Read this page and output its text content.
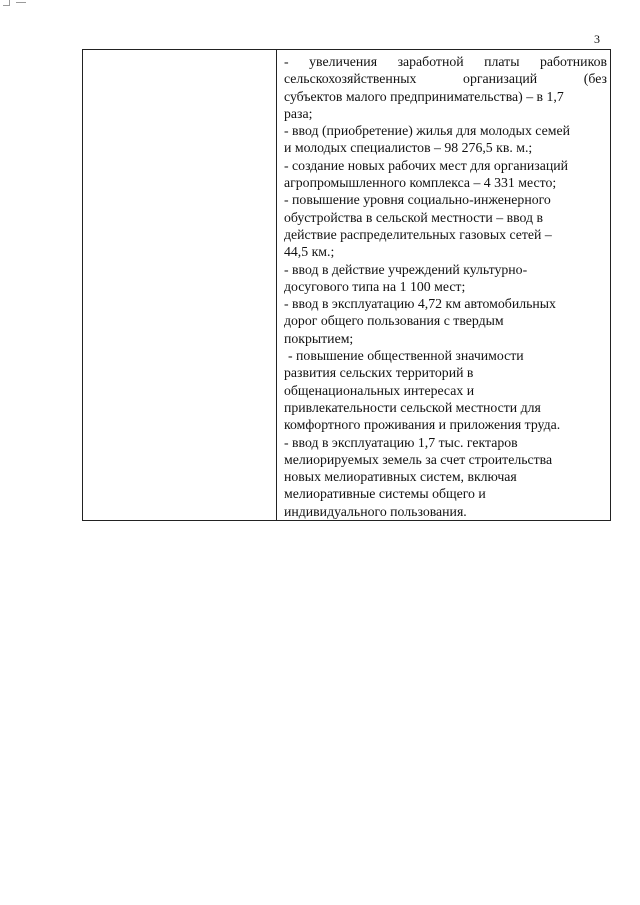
3

- увеличения заработной платы работников
сельскохозяйственных	организаций	(без
субъектов малого предпринимательства) – в 1,7
раза;

- ввод (приобретение) жилья для молодых семей
и молодых специалистов – 98 276,5 кв. м.;

- создание новых рабочих мест для организаций
агропромышленного комплекса – 4 331 место;

- повышение уровня социально-инженерного
обустройства в сельской местности – ввод в
действие распределительных газовых сетей –
44,5 км.;

- ввод в действие учреждений культурно-
досугового типа на 1 100 мест;

- ввод в эксплуатацию 4,72 км автомобильных
дорог общего пользования с твердым
покрытием;

- повышение общественной значимости
развития сельских территорий в
общенациональных интересах и
привлекательности сельской местности для
комфортного проживания и приложения труда.

- ввод в эксплуатацию 1,7 тыс. гектаров
мелиорируемых земель за счет строительства
новых мелиоративных систем, включая
мелиоративные системы общего и
индивидуального пользования.
